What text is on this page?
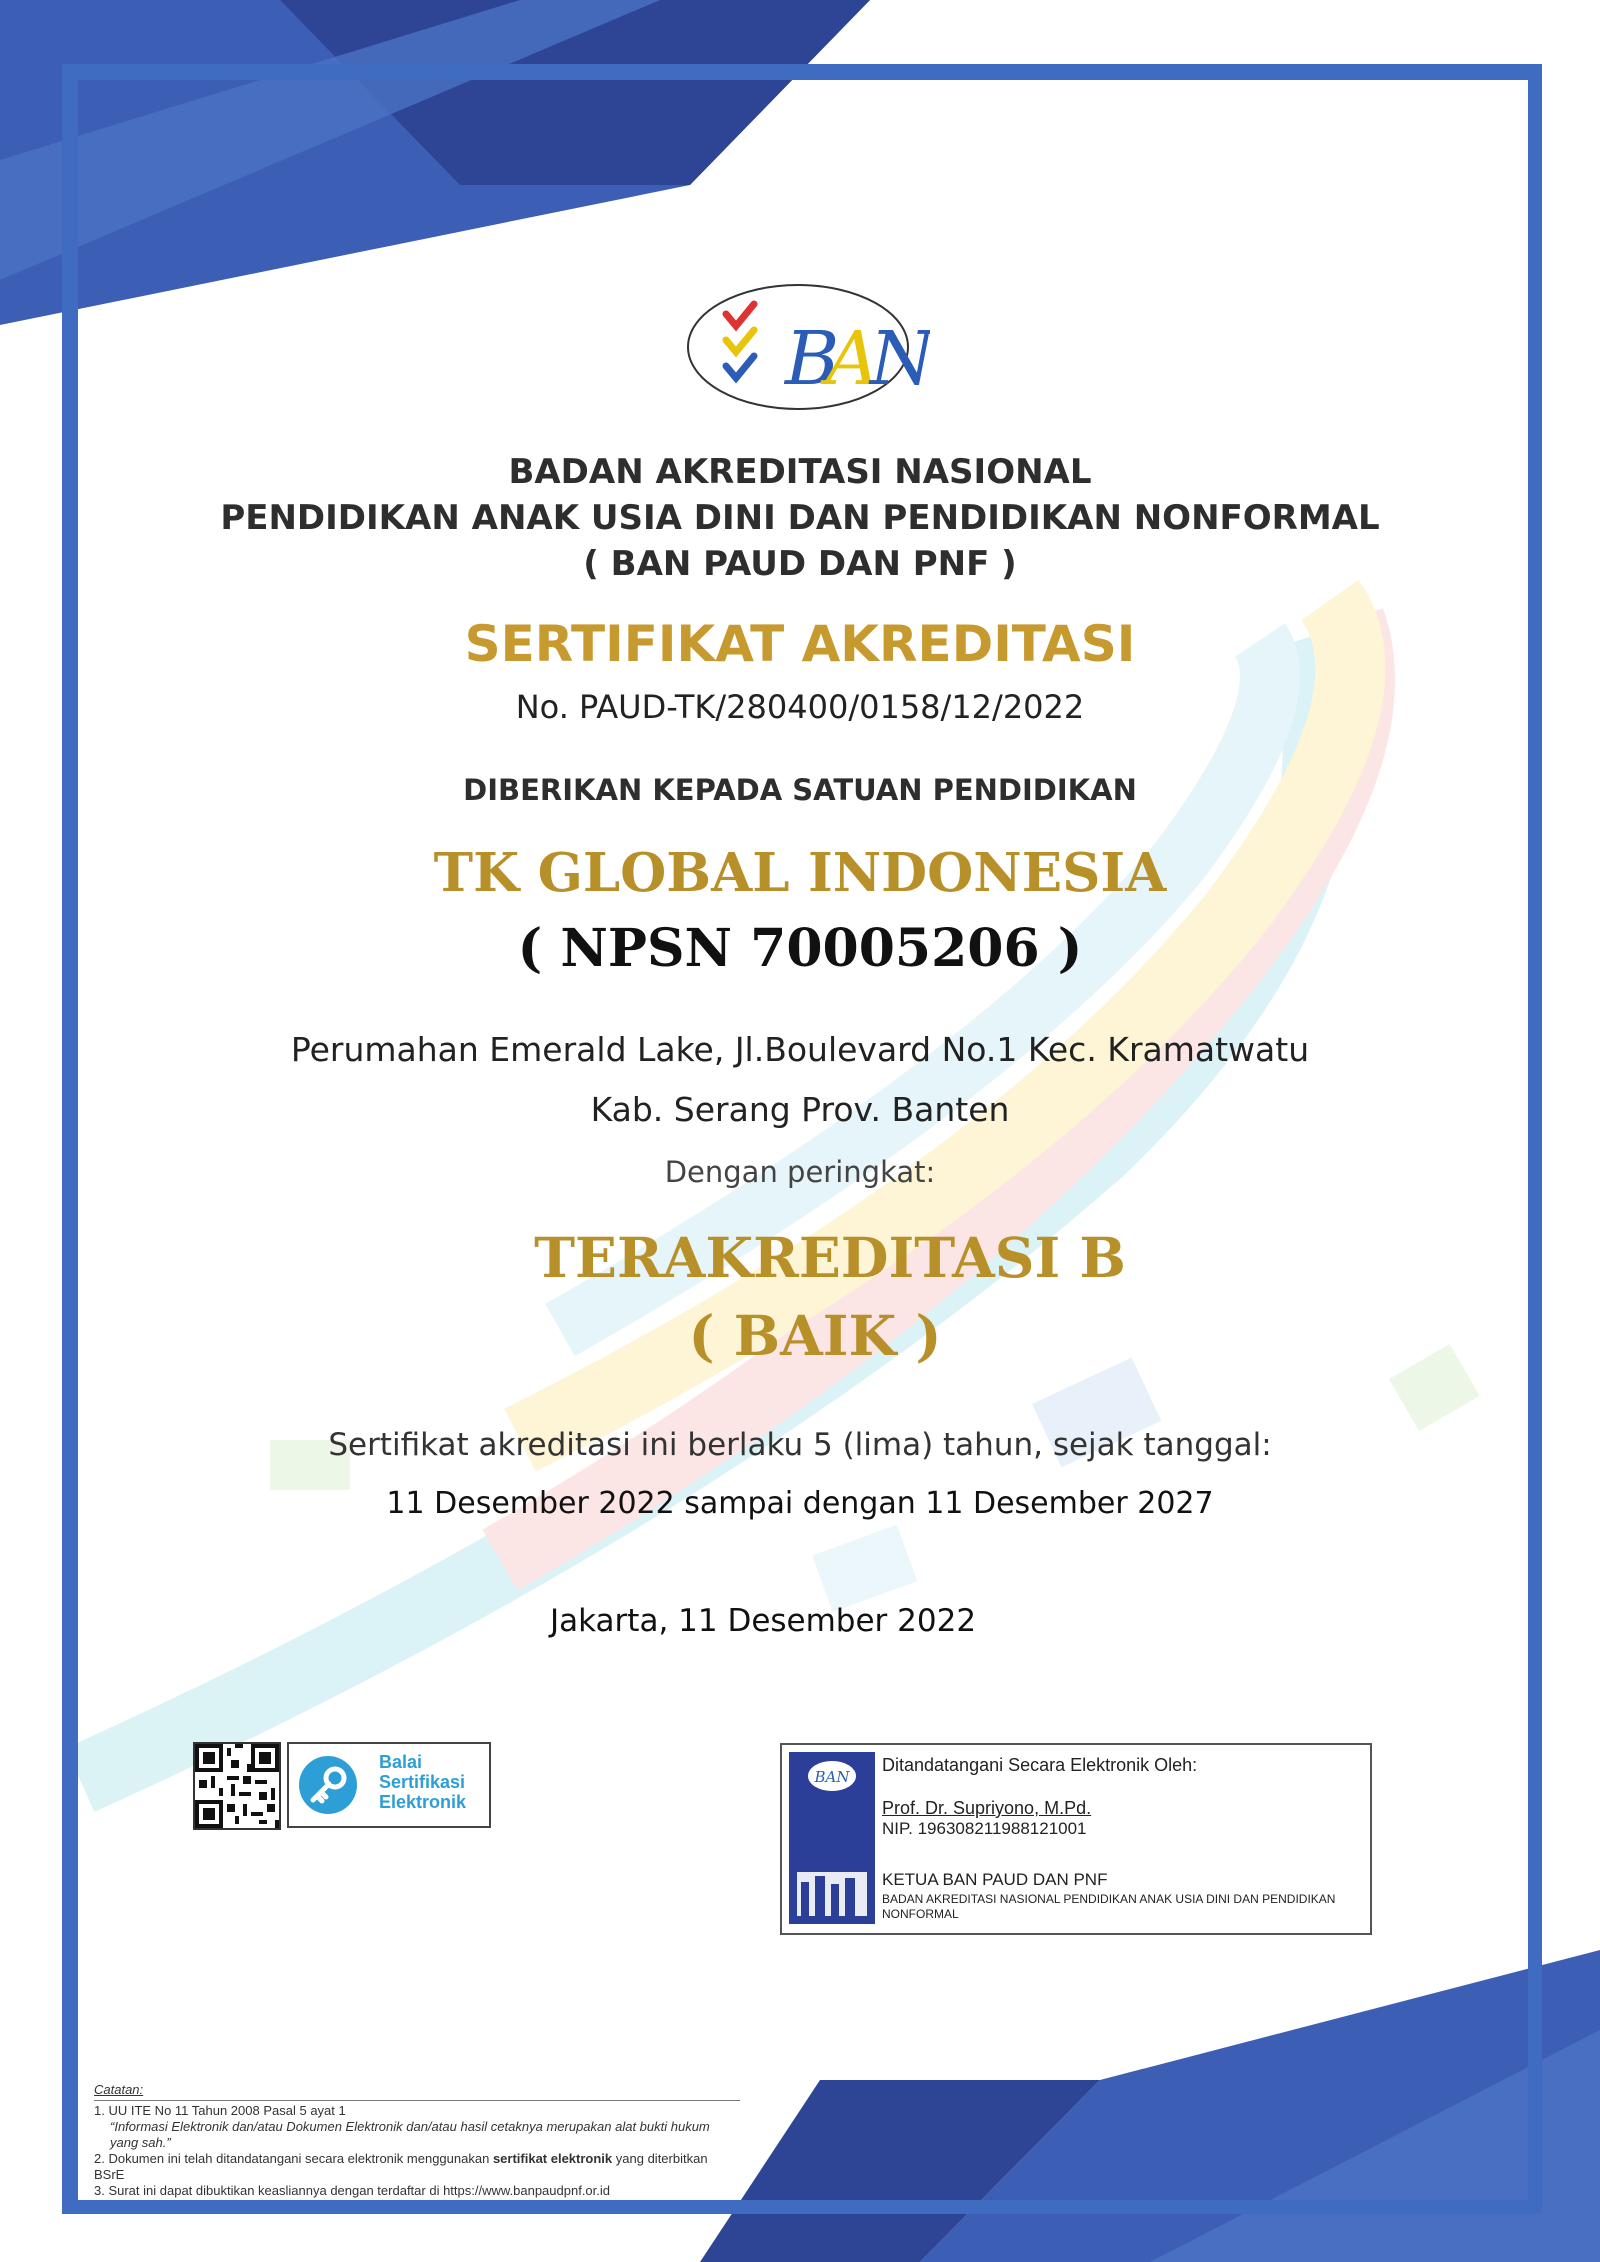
B
A
N
BADAN AKREDITASI NASIONAL
PENDIDIKAN ANAK USIA DINI DAN PENDIDIKAN NONFORMAL
( BAN PAUD DAN PNF )
SERTIFIKAT AKREDITASI
No. PAUD-TK/280400/0158/12/2022
DIBERIKAN KEPADA SATUAN PENDIDIKAN
TK GLOBAL INDONESIA
( NPSN 70005206 )
Perumahan Emerald Lake, Jl.Boulevard No.1 Kec. Kramatwatu
Kab. Serang Prov. Banten
Dengan peringkat:
TERAKREDITASI B
( BAIK )
Sertifikat akreditasi ini berlaku 5 (lima) tahun, sejak tanggal:
11 Desember 2022 sampai dengan 11 Desember 2027
Jakarta, 11 Desember 2022
Balai
Sertifikasi
Elektronik
BAN
Ditandatangani Secara Elektronik Oleh:
Prof. Dr. Supriyono, M.Pd.
NIP. 196308211988121001
KETUA BAN PAUD DAN PNF
BADAN AKREDITASI NASIONAL PENDIDIKAN ANAK USIA DINI DAN PENDIDIKAN NONFORMAL
Catatan:
1. UU ITE No 11 Tahun 2008 Pasal 5 ayat 1
“Informasi Elektronik dan/atau Dokumen Elektronik dan/atau hasil cetaknya merupakan alat bukti hukum yang sah.”
2. Dokumen ini telah ditandatangani secara elektronik menggunakan sertifikat elektronik yang diterbitkan BSrE
3. Surat ini dapat dibuktikan keasliannya dengan terdaftar di https://www.banpaudpnf.or.id
